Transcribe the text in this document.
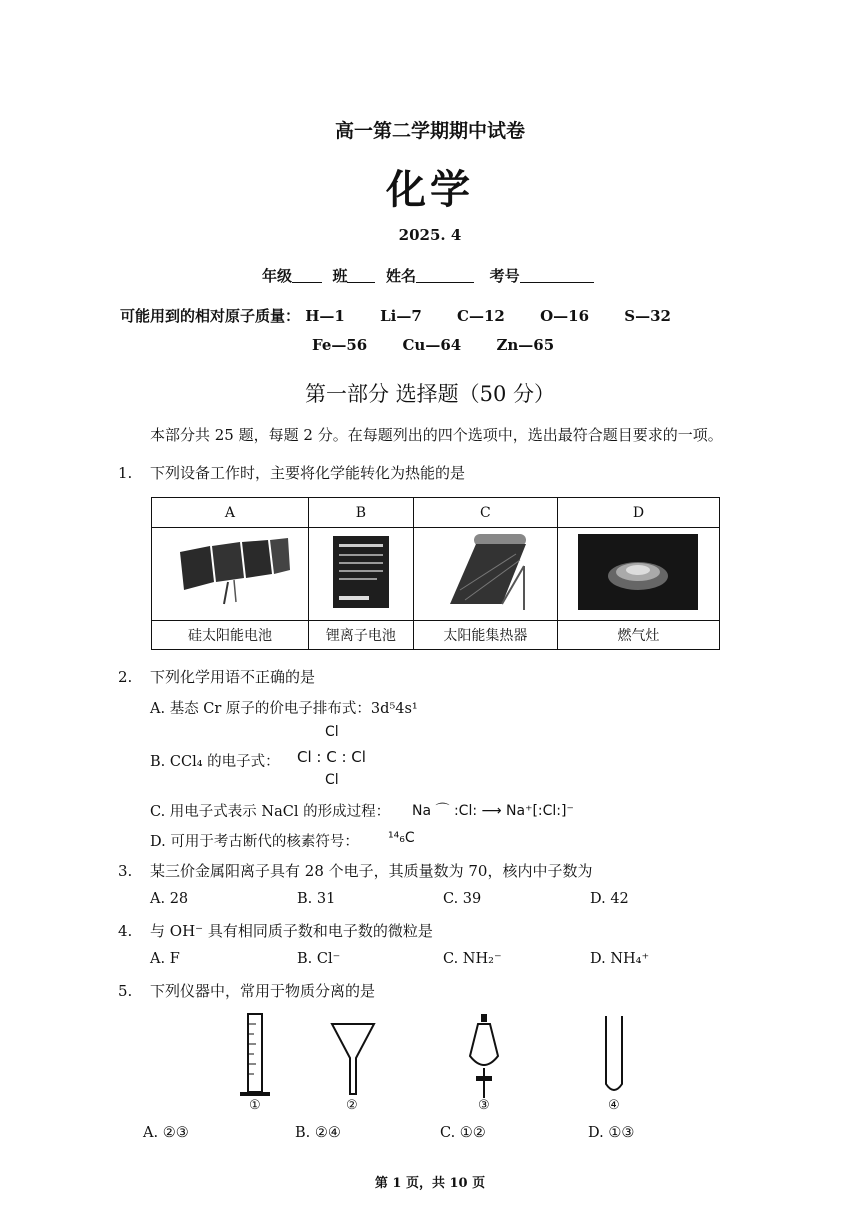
高一第二学期期中试卷
化学
2025. 4
年级	班	姓名	考号
可能用到的相对原子质量： H—1 Li—7 C—12 O—16 S—32
Fe—56 Cu—64 Zn—65
第一部分 选择题（50 分）
本部分共 25 题，每题 2 分。在每题列出的四个选项中，选出最符合题目要求的一项。
1. 下列设备工作时，主要将化学能转化为热能的是
A	B	C	D

硅太阳能电池	锂离子电池	太阳能集热器	燃气灶
2. 下列化学用语不正确的是
A. 基态 Cr 原子的价电子排布式：3d⁵4s¹
B. CCl₄ 的电子式：
Cl
Cl : C : Cl
Cl
C. 用电子式表示 NaCl 的形成过程： Na ⌒ :Cl: ⟶ Na⁺[:Cl:]⁻
D. 可用于考古断代的核素符号： ¹⁴₆C
3. 某三价金属阳离子具有 28 个电子，其质量数为 70，核内中子数为
A. 28	B. 31	C. 39	D. 42
4. 与 OH⁻ 具有相同质子数和电子数的微粒是
A. F	B. Cl⁻	C. NH₂⁻	D. NH₄⁺
5. 下列仪器中，常用于物质分离的是
①	②	③	④
A. ②③	B. ②④	C. ①②	D. ①③
第 1 页，共 10 页
